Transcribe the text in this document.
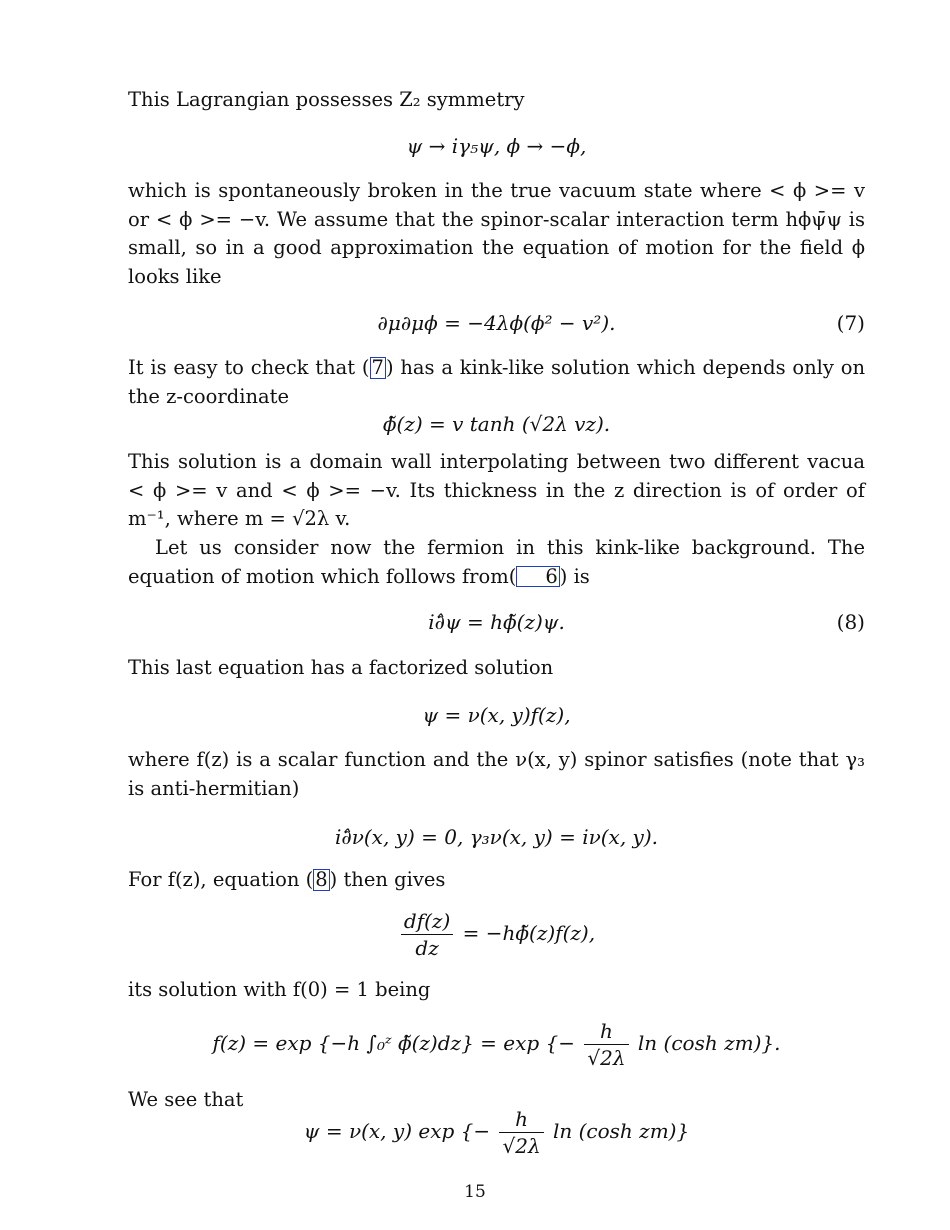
This Lagrangian possesses Z₂ symmetry
ψ → iγ₅ψ, ϕ → −ϕ,
which is spontaneously broken in the true vacuum state where < ϕ >= v or < ϕ >= −v. We assume that the spinor-scalar interaction term hϕψ̄ψ is small, so in a good approximation the equation of motion for the field ϕ looks like
∂μ∂μϕ = −4λϕ(ϕ² − v²).	(7)
It is easy to check that ( 7 ) has a kink-like solution which depends only on the z-coordinate
ϕ̃(z) = v tanh (√2λ vz).
This solution is a domain wall interpolating between two different vacua < ϕ >= v and < ϕ >= −v. Its thickness in the z direction is of order of m⁻¹, where m = √2λ v.
Let us consider now the fermion in this kink-like background. The equation of motion which follows from( 6 ) is
i∂̂ψ = hϕ̃(z)ψ.	(8)
This last equation has a factorized solution
ψ = ν(x, y)f(z),
where f(z) is a scalar function and the ν(x, y) spinor satisfies (note that γ₃ is anti-hermitian)
i∂̂ν(x, y) = 0, γ₃ν(x, y) = iν(x, y).
For f(z), equation ( 8 ) then gives
$\frac{df(z)}{dz}$ = −hϕ̃(z)f(z),
its solution with f(0) = 1 being
f(z) = exp {−h ∫₀ᶻ ϕ̃(z)dz} = exp {− $\frac{h}{√2\lambda}$ ln (cosh zm)}.
We see that
ψ = ν(x, y) exp {− $\frac{h}{√2\lambda}$ ln (cosh zm)}
15
